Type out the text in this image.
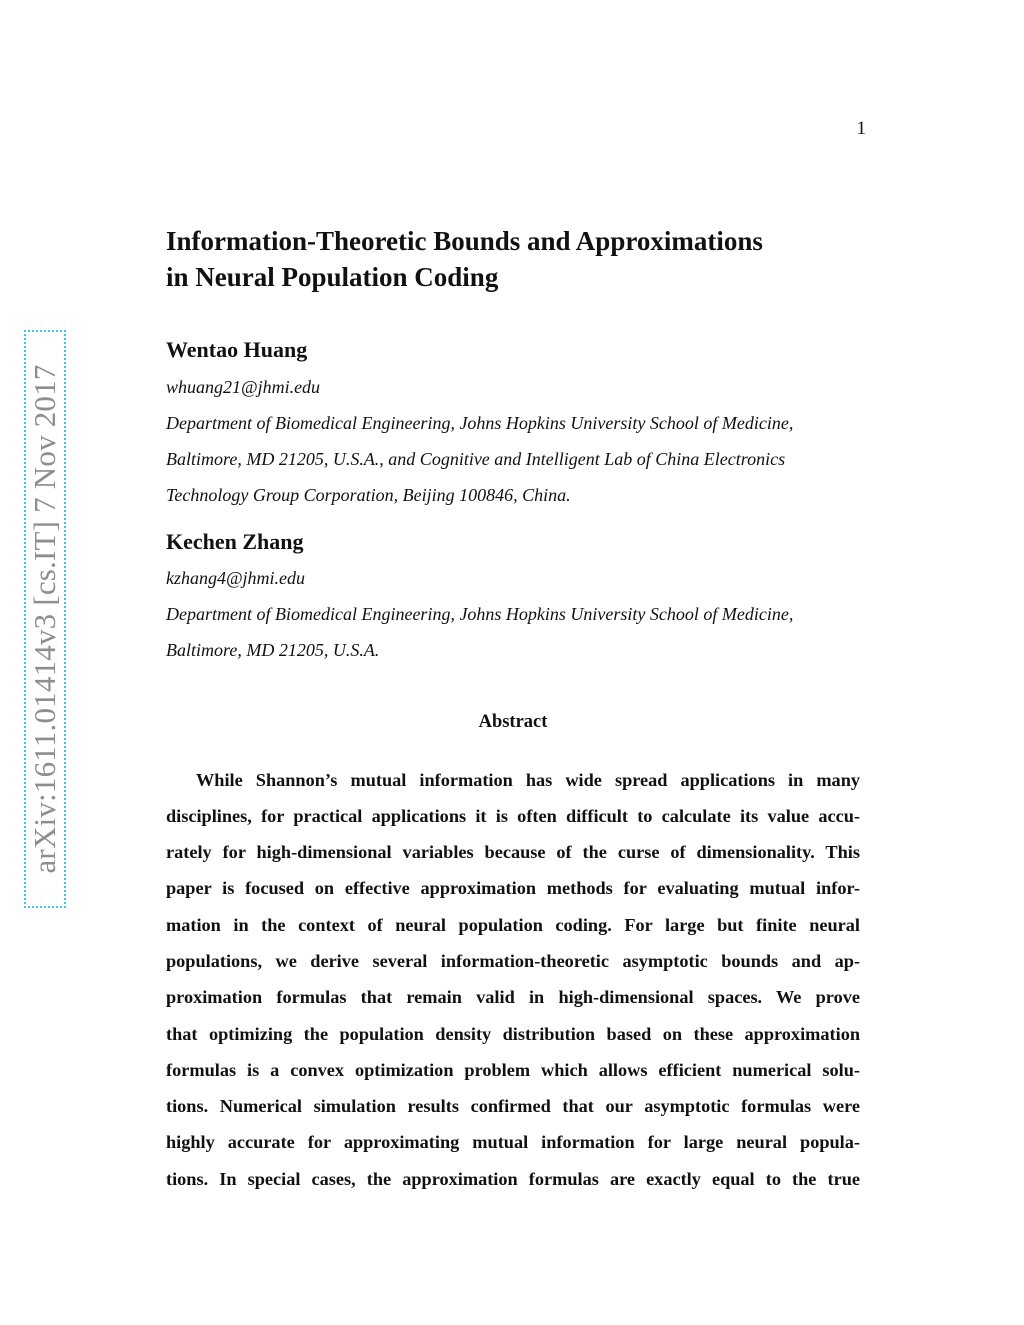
1
arXiv:1611.01414v3 [cs.IT] 7 Nov 2017
Information-Theoretic Bounds and Approximations
in Neural Population Coding
Wentao Huang
whuang21@jhmi.edu
Department of Biomedical Engineering, Johns Hopkins University School of Medicine,
Baltimore, MD 21205, U.S.A., and Cognitive and Intelligent Lab of China Electronics
Technology Group Corporation, Beijing 100846, China.
Kechen Zhang
kzhang4@jhmi.edu
Department of Biomedical Engineering, Johns Hopkins University School of Medicine,
Baltimore, MD 21205, U.S.A.
Abstract

While Shannon’s mutual information has wide spread applications in many

disciplines, for practical applications it is often difficult to calculate its value accu-

rately for high-dimensional variables because of the curse of dimensionality. This

paper is focused on effective approximation methods for evaluating mutual infor-

mation in the context of neural population coding. For large but finite neural

populations, we derive several information-theoretic asymptotic bounds and ap-

proximation formulas that remain valid in high-dimensional spaces. We prove

that optimizing the population density distribution based on these approximation

formulas is a convex optimization problem which allows efficient numerical solu-

tions. Numerical simulation results confirmed that our asymptotic formulas were

highly accurate for approximating mutual information for large neural popula-

tions. In special cases, the approximation formulas are exactly equal to the true
